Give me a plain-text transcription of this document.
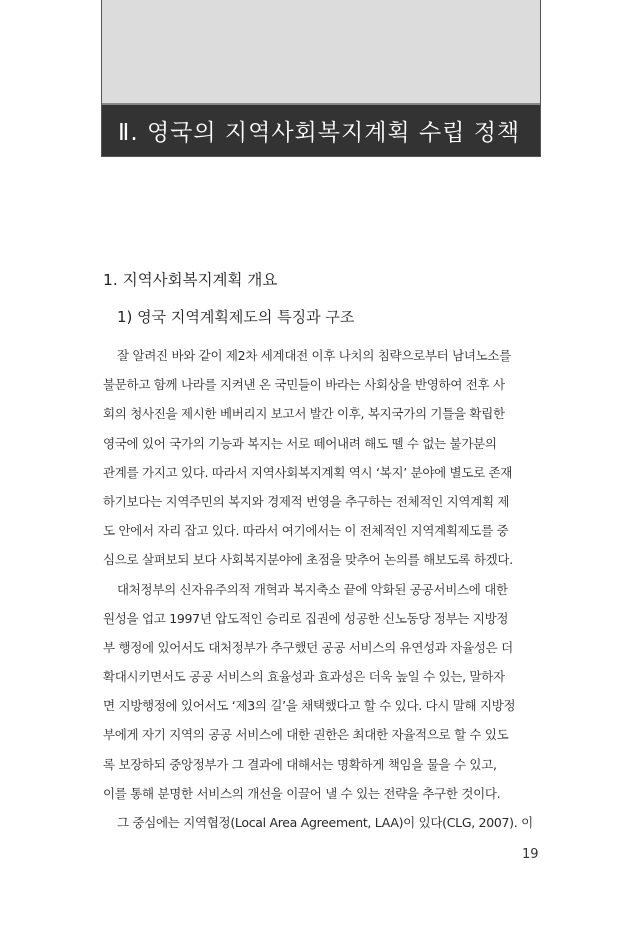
Ⅱ. 영국의 지역사회복지계획 수립 정책
1. 지역사회복지계획 개요
1) 영국 지역계획제도의 특징과 구조
잘 알려진 바와 같이 제2차 세계대전 이후 나치의 침략으로부터 남녀노소를
불문하고 함께 나라를 지켜낸 온 국민들이 바라는 사회상을 반영하여 전후 사
회의 청사진을 제시한 베버리지 보고서 발간 이후, 복지국가의 기틀을 확립한
영국에 있어 국가의 기능과 복지는 서로 떼어내려 해도 뗄 수 없는 불가분의
관계를 가지고 있다. 따라서 지역사회복지계획 역시 ‘복지’ 분야에 별도로 존재
하기보다는 지역주민의 복지와 경제적 번영을 추구하는 전체적인 지역계획 제
도 안에서 자리 잡고 있다. 따라서 여기에서는 이 전체적인 지역계획제도를 중
심으로 살펴보되 보다 사회복지분야에 초점을 맞추어 논의를 해보도록 하겠다.
대처정부의 신자유주의적 개혁과 복지축소 끝에 악화된 공공서비스에 대한
원성을 업고 1997년 압도적인 승리로 집권에 성공한 신노동당 정부는 지방정
부 행정에 있어서도 대처정부가 추구했던 공공 서비스의 유연성과 자율성은 더
확대시키면서도 공공 서비스의 효율성과 효과성은 더욱 높일 수 있는, 말하자
면 지방행정에 있어서도 ‘제3의 길’을 채택했다고 할 수 있다. 다시 말해 지방정
부에게 자기 지역의 공공 서비스에 대한 권한은 최대한 자율적으로 할 수 있도
록 보장하되 중앙정부가 그 결과에 대해서는 명확하게 책임을 물을 수 있고,
이를 통해 분명한 서비스의 개선을 이끌어 낼 수 있는 전략을 추구한 것이다.
그 중심에는 지역협정(Local Area Agreement, LAA)이 있다(CLG, 2007). 이
19
